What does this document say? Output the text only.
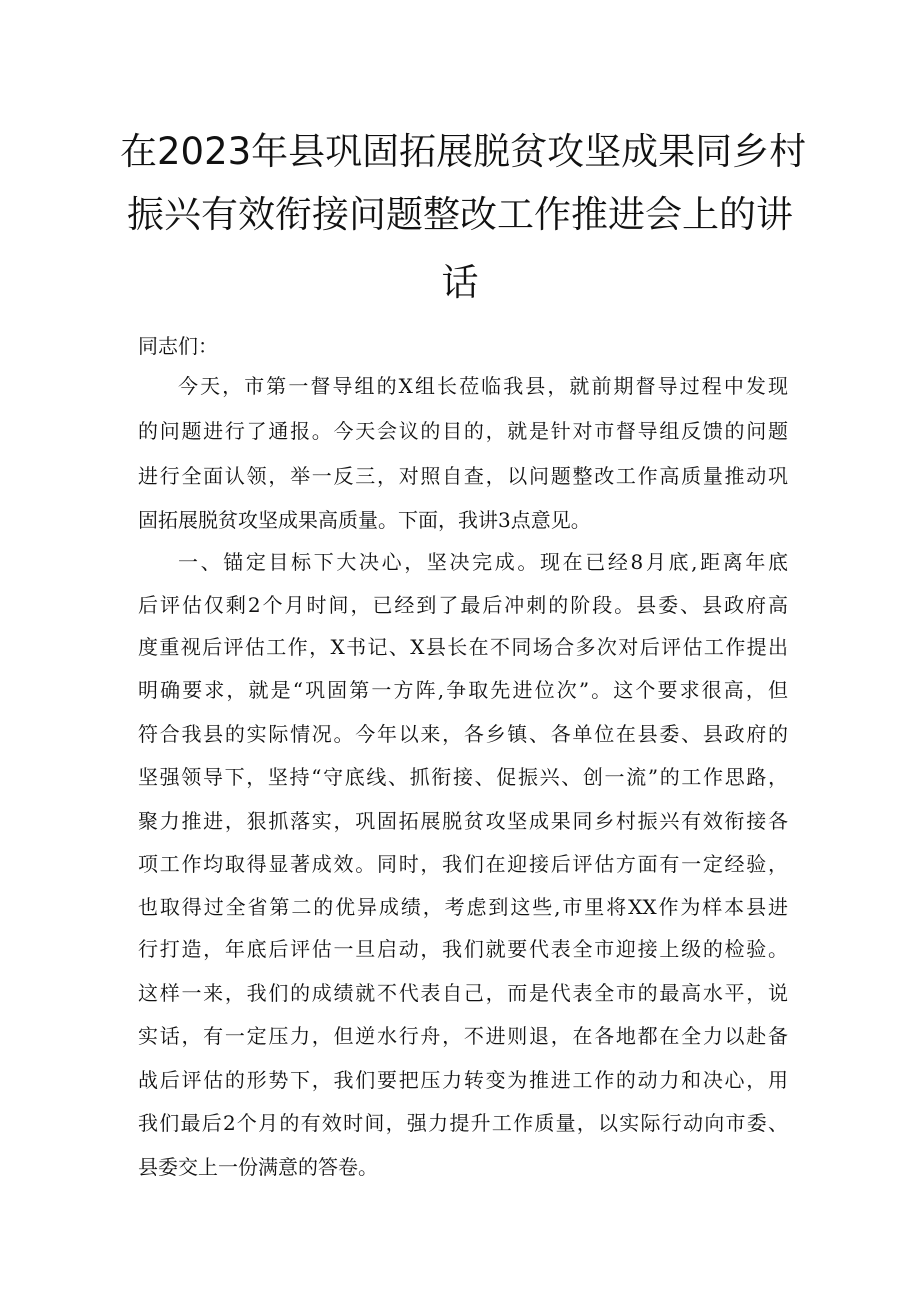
在2023年县巩固拓展脱贫攻坚成果同乡村
振兴有效衔接问题整改工作推进会上的讲
话
同志们：
今天，市第一督导组的X组长莅临我县，就前期督导过程中发现
的问题进行了通报。今天会议的目的，就是针对市督导组反馈的问题
进行全面认领，举一反三，对照自查，以问题整改工作高质量推动巩
固拓展脱贫攻坚成果高质量。下面，我讲3点意见。
一、锚定目标下大决心，坚决完成。现在已经8月底,距离年底
后评估仅剩2个月时间，已经到了最后冲刺的阶段。县委、县政府高
度重视后评估工作，X书记、X县长在不同场合多次对后评估工作提出
明确要求，就是“巩固第一方阵,争取先进位次”。这个要求很高，但
符合我县的实际情况。今年以来，各乡镇、各单位在县委、县政府的
坚强领导下，坚持“守底线、抓衔接、促振兴、创一流”的工作思路，
聚力推进，狠抓落实，巩固拓展脱贫攻坚成果同乡村振兴有效衔接各
项工作均取得显著成效。同时，我们在迎接后评估方面有一定经验，
也取得过全省第二的优异成绩，考虑到这些,市里将XX作为样本县进
行打造，年底后评估一旦启动，我们就要代表全市迎接上级的检验。
这样一来，我们的成绩就不代表自己，而是代表全市的最高水平，说
实话，有一定压力，但逆水行舟，不进则退，在各地都在全力以赴备
战后评估的形势下，我们要把压力转变为推进工作的动力和决心，用
我们最后2个月的有效时间，强力提升工作质量，以实际行动向市委、
县委交上一份满意的答卷。
